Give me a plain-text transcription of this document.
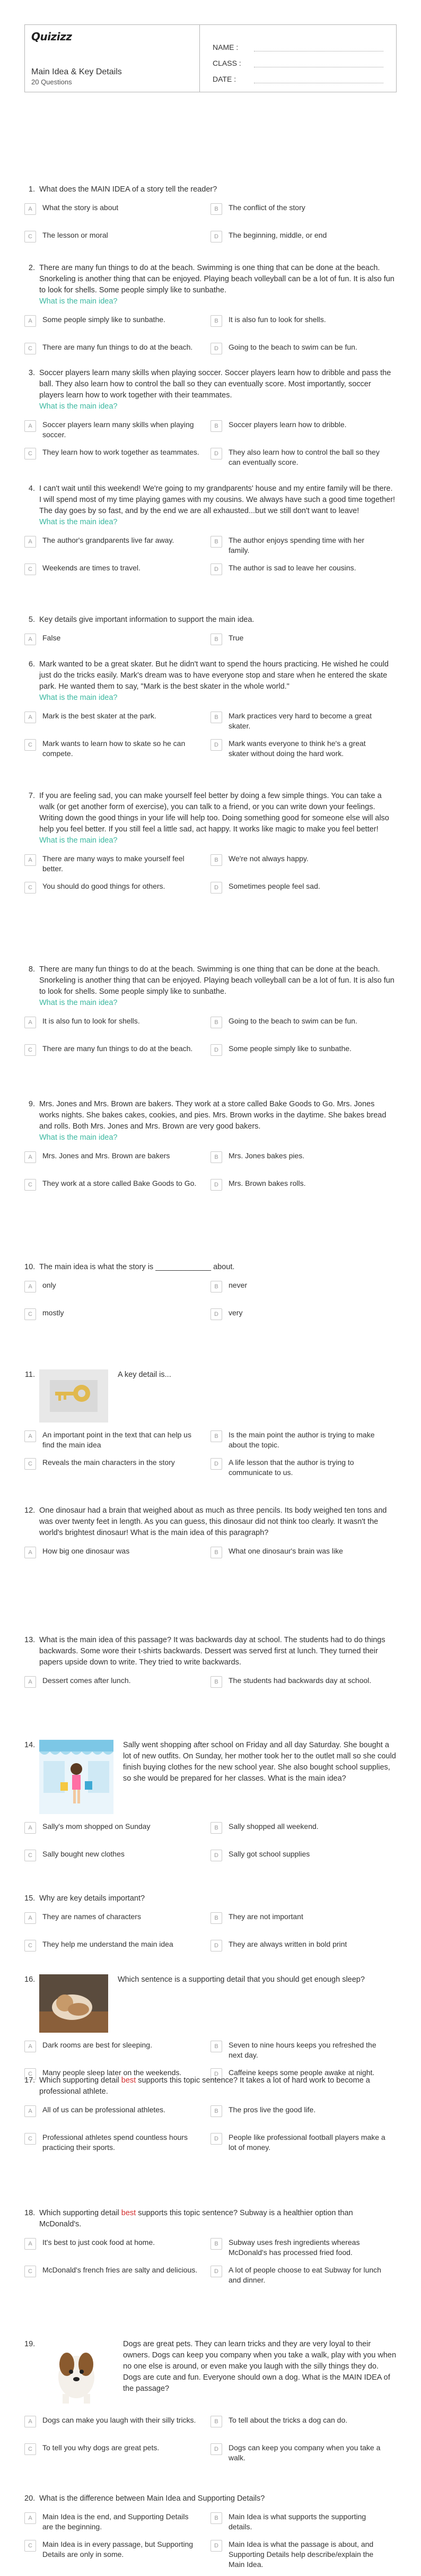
Quizizz
Main Idea & Key Details
20 Questions
NAME :
CLASS :
DATE :
1. What does the MAIN IDEA of a story tell the reader?
A	What the story is about	B	The conflict of the story
C	The lesson or moral	D	The beginning, middle, or end
2. There are many fun things to do at the beach. Swimming is one thing that can be done at the beach. Snorkeling is another thing that can be enjoyed. Playing beach volleyball can be a lot of fun. It is also fun to look for shells. Some people simply like to sunbathe.
What is the main idea?
A	Some people simply like to sunbathe.	B	It is also fun to look for shells.
C	There are many fun things to do at the beach.	D	Going to the beach to swim can be fun.
3. Soccer players learn many skills when playing soccer. Soccer players learn how to dribble and pass the ball. They also learn how to control the ball so they can eventually score. Most importantly, soccer players learn how to work together with their teammates.
What is the main idea?
A	Soccer players learn many skills when playing soccer.
B	Soccer players learn how to dribble.
C	They learn how to work together as teammates.	D	They also learn how to control the ball so they can eventually score.
4. I can't wait until this weekend! We're going to my grandparents' house and my entire family will be there. I will spend most of my time playing games with my cousins. We always have such a good time together! The day goes by so fast, and by the end we are all exhausted...but we still don't want to leave!
What is the main idea?
A	The author's grandparents live far away.	B	The author enjoys spending time with her family.
C	Weekends are times to travel.	D	The author is sad to leave her cousins.
5. Key details give important information to support the main idea.
A	False	B	True
6. Mark wanted to be a great skater. But he didn't want to spend the hours practicing. He wished he could just do the tricks easily. Mark's dream was to have everyone stop and stare when he entered the skate park. He wanted them to say, "Mark is the best skater in the whole world."
What is the main idea?
A	Mark is the best skater at the park.	B	Mark practices very hard to become a great skater.
C	Mark wants to learn how to skate so he can compete.
D	Mark wants everyone to think he's a great skater without doing the hard work.
7. If you are feeling sad, you can make yourself feel better by doing a few simple things. You can take a walk (or get another form of exercise), you can talk to a friend, or you can write down your feelings. Writing down the good things in your life will help too. Doing something good for someone else will also help you feel better. If you still feel a little sad, act happy. It works like magic to make you feel better!
What is the main idea?
A	There are many ways to make yourself feel better.
B	We're not always happy.
C	You should do good things for others.	D	Sometimes people feel sad.
8. There are many fun things to do at the beach. Swimming is one thing that can be done at the beach. Snorkeling is another thing that can be enjoyed. Playing beach volleyball can be a lot of fun. It is also fun to look for shells. Some people simply like to sunbathe.
What is the main idea?
A	It is also fun to look for shells.	B	Going to the beach to swim can be fun.
C	There are many fun things to do at the beach.	D	Some people simply like to sunbathe.
9. Mrs. Jones and Mrs. Brown are bakers. They work at a store called Bake Goods to Go. Mrs. Jones works nights. She bakes cakes, cookies, and pies. Mrs. Brown works in the daytime. She bakes bread and rolls. Both Mrs. Jones and Mrs. Brown are very good bakers.
What is the main idea?
A	Mrs. Jones and Mrs. Brown are bakers	B	Mrs. Jones bakes pies.
C	They work at a store called Bake Goods to Go.	D	Mrs. Brown bakes rolls.
10. The main idea is what the story is _____________ about.
A	only	B	never
C	mostly	D	very
11.	A key detail is...
A	An important point in the text that can help us find the main idea
B	Is the main point the author is trying to make about the topic.
C	Reveals the main characters in the story	D	A life lesson that the author is trying to communicate to us.
12. One dinosaur had a brain that weighed about as much as three pencils. Its body weighed ten tons and was over twenty feet in length. As you can guess, this dinosaur did not think too clearly. It wasn't the world's brightest dinosaur! What is the main idea of this paragraph?
A	How big one dinosaur was	B	What one dinosaur's brain was like
13. What is the main idea of this passage? It was backwards day at school. The students had to do things backwards. Some wore their t-shirts backwards. Dessert was served first at lunch. They turned their papers upside down to write. They tried to write backwards.
A	Dessert comes after lunch.	B	The students had backwards day at school.
14.	Sally went shopping after school on Friday and all day Saturday. She bought a lot of new outfits. On Sunday, her mother took her to the outlet mall so she could finish buying clothes for the new school year. She also bought school supplies, so she would be prepared for her classes. What is the main idea?
A	Sally's mom shopped on Sunday	B	Sally shopped all weekend.
C	Sally bought new clothes	D	Sally got school supplies
15. Why are key details important?
A	They are names of characters	B	They are not important
C	They help me understand the main idea	D	They are always written in bold print
16.	Which sentence is a supporting detail that you should get enough sleep?
A	Dark rooms are best for sleeping.	B	Seven to nine hours keeps you refreshed the next day.
C	Many people sleep later on the weekends.	D	Caffeine keeps some people awake at night.
17. Which supporting detail best supports this topic sentence? It takes a lot of hard work to become a professional athlete.
A	All of us can be professional athletes.	B	The pros live the good life.
C	Professional athletes spend countless hours practicing their sports.
D	People like professional football players make a lot of money.
18. Which supporting detail best supports this topic sentence? Subway is a healthier option than McDonald's.
A	It's best to just cook food at home.	B	Subway uses fresh ingredients whereas McDonald's has processed fried food.
C	McDonald's french fries are salty and delicious.	D	A lot of people choose to eat Subway for lunch and dinner.
19.	Dogs are great pets. They can learn tricks and they are very loyal to their owners. Dogs can keep you company when you take a walk, play with you when no one else is around, or even make you laugh with the silly things they do. Dogs are cute and fun. Everyone should own a dog. What is the MAIN IDEA of the passage?
A	Dogs can make you laugh with their silly tricks.	B	To tell about the tricks a dog can do.
C	To tell you why dogs are great pets.	D	Dogs can keep you company when you take a walk.
20. What is the difference between Main Idea and Supporting Details?
A	Main Idea is the end, and Supporting Details are the beginning.
B	Main Idea is what supports the supporting details.
C	Main Idea is in every passage, but Supporting Details are only in some.
D	Main Idea is what the passage is about, and Supporting Details help describe/explain the Main Idea.
